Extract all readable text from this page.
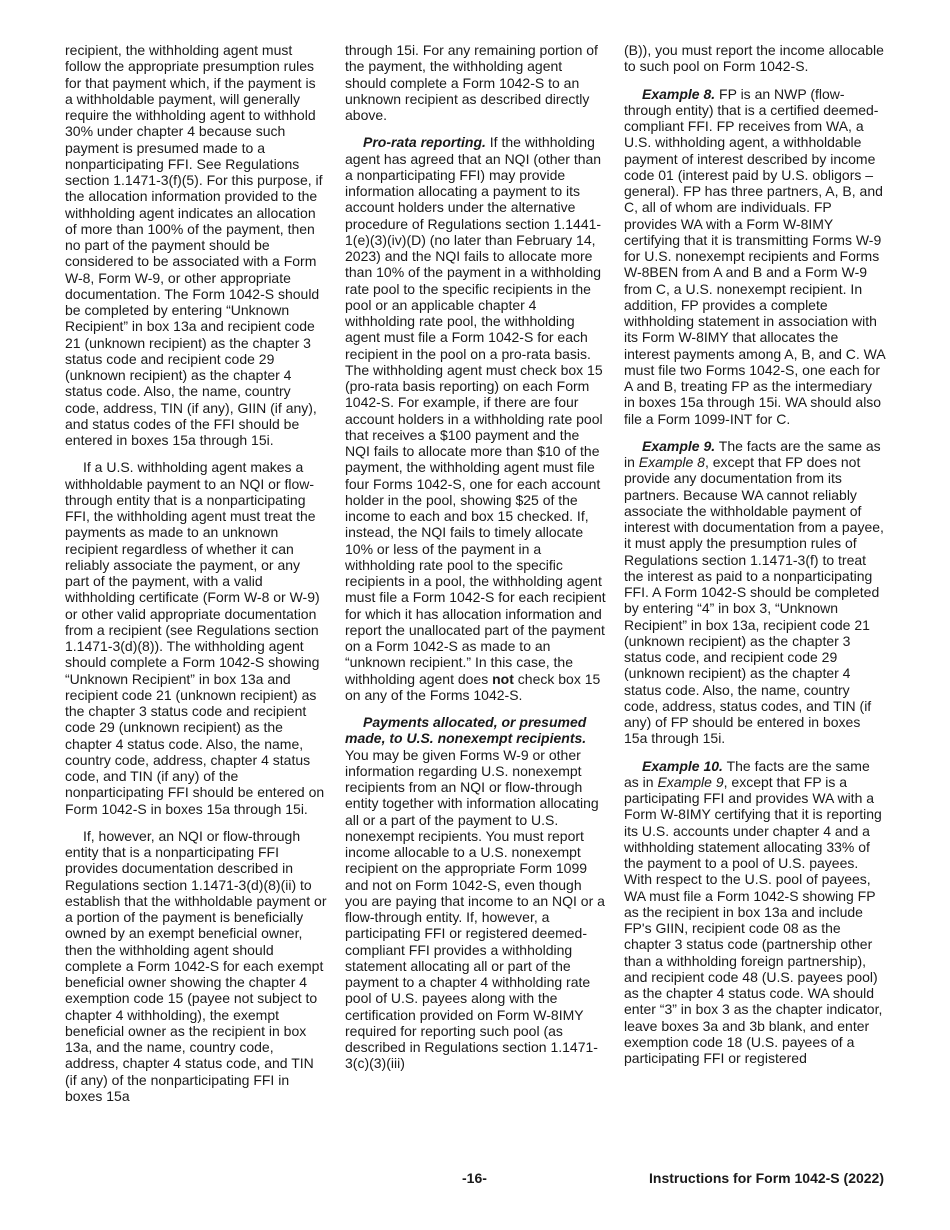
recipient, the withholding agent must follow the appropriate presumption rules for that payment which, if the payment is a withholdable payment, will generally require the withholding agent to withhold 30% under chapter 4 because such payment is presumed made to a nonparticipating FFI. See Regulations section 1.1471-3(f)(5). For this purpose, if the allocation information provided to the withholding agent indicates an allocation of more than 100% of the payment, then no part of the payment should be considered to be associated with a Form W-8, Form W-9, or other appropriate documentation. The Form 1042-S should be completed by entering “Unknown Recipient” in box 13a and recipient code 21 (unknown recipient) as the chapter 3 status code and recipient code 29 (unknown recipient) as the chapter 4 status code. Also, the name, country code, address, TIN (if any), GIIN (if any), and status codes of the FFI should be entered in boxes 15a through 15i.

If a U.S. withholding agent makes a withholdable payment to an NQI or flow-through entity that is a nonparticipating FFI, the withholding agent must treat the payments as made to an unknown recipient regardless of whether it can reliably associate the payment, or any part of the payment, with a valid withholding certificate (Form W-8 or W-9) or other valid appropriate documentation from a recipient (see Regulations section 1.1471-3(d)(8)). The withholding agent should complete a Form 1042-S showing “Unknown Recipient” in box 13a and recipient code 21 (unknown recipient) as the chapter 3 status code and recipient code 29 (unknown recipient) as the chapter 4 status code. Also, the name, country code, address, chapter 4 status code, and TIN (if any) of the nonparticipating FFI should be entered on Form 1042-S in boxes 15a through 15i.

If, however, an NQI or flow-through entity that is a nonparticipating FFI provides documentation described in Regulations section 1.1471-3(d)(8)(ii) to establish that the withholdable payment or a portion of the payment is beneficially owned by an exempt beneficial owner, then the withholding agent should complete a Form 1042-S for each exempt beneficial owner showing the chapter 4 exemption code 15 (payee not subject to chapter 4 withholding), the exempt beneficial owner as the recipient in box 13a, and the name, country code, address, chapter 4 status code, and TIN (if any) of the nonparticipating FFI in boxes 15a

through 15i. For any remaining portion of the payment, the withholding agent should complete a Form 1042-S to an unknown recipient as described directly above.

Pro-rata reporting. If the withholding agent has agreed that an NQI (other than a nonparticipating FFI) may provide information allocating a payment to its account holders under the alternative procedure of Regulations section 1.1441-1(e)(3)(iv)(D) (no later than February 14, 2023) and the NQI fails to allocate more than 10% of the payment in a withholding rate pool to the specific recipients in the pool or an applicable chapter 4 withholding rate pool, the withholding agent must file a Form 1042-S for each recipient in the pool on a pro-rata basis. The withholding agent must check box 15 (pro-rata basis reporting) on each Form 1042-S. For example, if there are four account holders in a withholding rate pool that receives a $100 payment and the NQI fails to allocate more than $10 of the payment, the withholding agent must file four Forms 1042-S, one for each account holder in the pool, showing $25 of the income to each and box 15 checked. If, instead, the NQI fails to timely allocate 10% or less of the payment in a withholding rate pool to the specific recipients in a pool, the withholding agent must file a Form 1042-S for each recipient for which it has allocation information and report the unallocated part of the payment on a Form 1042-S as made to an “unknown recipient.” In this case, the withholding agent does not check box 15 on any of the Forms 1042-S.

Payments allocated, or presumed made, to U.S. nonexempt recipients. You may be given Forms W-9 or other information regarding U.S. nonexempt recipients from an NQI or flow-through entity together with information allocating all or a part of the payment to U.S. nonexempt recipients. You must report income allocable to a U.S. nonexempt recipient on the appropriate Form 1099 and not on Form 1042-S, even though you are paying that income to an NQI or a flow-through entity. If, however, a participating FFI or registered deemed-compliant FFI provides a withholding statement allocating all or part of the payment to a chapter 4 withholding rate pool of U.S. payees along with the certification provided on Form W-8IMY required for reporting such pool (as described in Regulations section 1.1471-3(c)(3)(iii)

(B)), you must report the income allocable to such pool on Form 1042-S.

Example 8. FP is an NWP (flow-through entity) that is a certified deemed-compliant FFI. FP receives from WA, a U.S. withholding agent, a withholdable payment of interest described by income code 01 (interest paid by U.S. obligors – general). FP has three partners, A, B, and C, all of whom are individuals. FP provides WA with a Form W-8IMY certifying that it is transmitting Forms W-9 for U.S. nonexempt recipients and Forms W-8BEN from A and B and a Form W-9 from C, a U.S. nonexempt recipient. In addition, FP provides a complete withholding statement in association with its Form W-8IMY that allocates the interest payments among A, B, and C. WA must file two Forms 1042-S, one each for A and B, treating FP as the intermediary in boxes 15a through 15i. WA should also file a Form 1099-INT for C.

Example 9. The facts are the same as in Example 8, except that FP does not provide any documentation from its partners. Because WA cannot reliably associate the withholdable payment of interest with documentation from a payee, it must apply the presumption rules of Regulations section 1.1471-3(f) to treat the interest as paid to a nonparticipating FFI. A Form 1042-S should be completed by entering “4” in box 3, “Unknown Recipient” in box 13a, recipient code 21 (unknown recipient) as the chapter 3 status code, and recipient code 29 (unknown recipient) as the chapter 4 status code. Also, the name, country code, address, status codes, and TIN (if any) of FP should be entered in boxes 15a through 15i.

Example 10. The facts are the same as in Example 9, except that FP is a participating FFI and provides WA with a Form W-8IMY certifying that it is reporting its U.S. accounts under chapter 4 and a withholding statement allocating 33% of the payment to a pool of U.S. payees. With respect to the U.S. pool of payees, WA must file a Form 1042-S showing FP as the recipient in box 13a and include FP's GIIN, recipient code 08 as the chapter 3 status code (partnership other than a withholding foreign partnership), and recipient code 48 (U.S. payees pool) as the chapter 4 status code. WA should enter “3” in box 3 as the chapter indicator, leave boxes 3a and 3b blank, and enter exemption code 18 (U.S. payees of a participating FFI or registered

-16-	Instructions for Form 1042-S (2022)
